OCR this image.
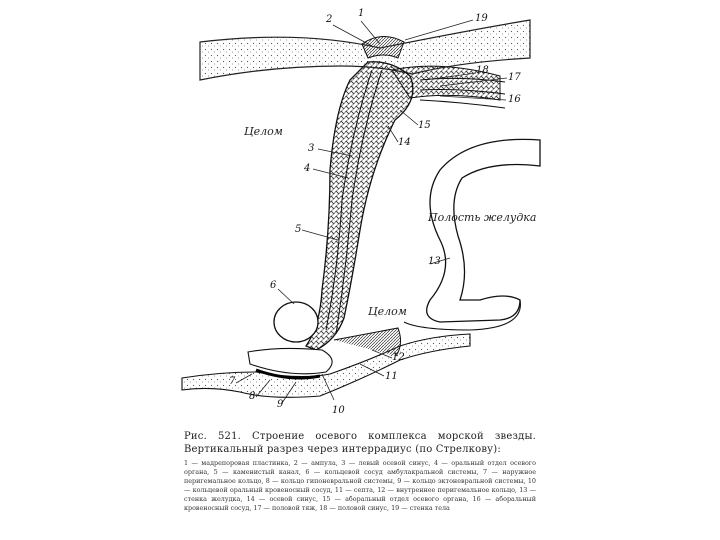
Целом
Полость желудка
Целом
1
2
3
4
5
6
7
8
9
10
11
12
13
14
15
16
17
18
19
Рис. 521. Строение осевого комплекса морской звезды. Вертикальный разрез через интеррадиус (по Стрелкову):
1 — мадрепоровая пластинка, 2 — ампула, 3 — левый осевой синус, 4 — оральный отдел осевого органа, 5 — каменистый канал, 6 — кольцевой сосуд амбулакральной системы, 7 — наружное перигемальное кольцо, 8 — кольцо гипоневральной системы, 9 — кольцо эктоневральной системы, 10 — кольцевой оральный кровеносный сосуд, 11 — септа, 12 — внутреннее перигемальное кольцо, 13 — стенка желудка, 14 — осевой синус, 15 — аборальный отдел осевого органа, 16 — аборальный кровеносный сосуд, 17 — половой тяж, 18 — половой синус, 19 — стенка тела
